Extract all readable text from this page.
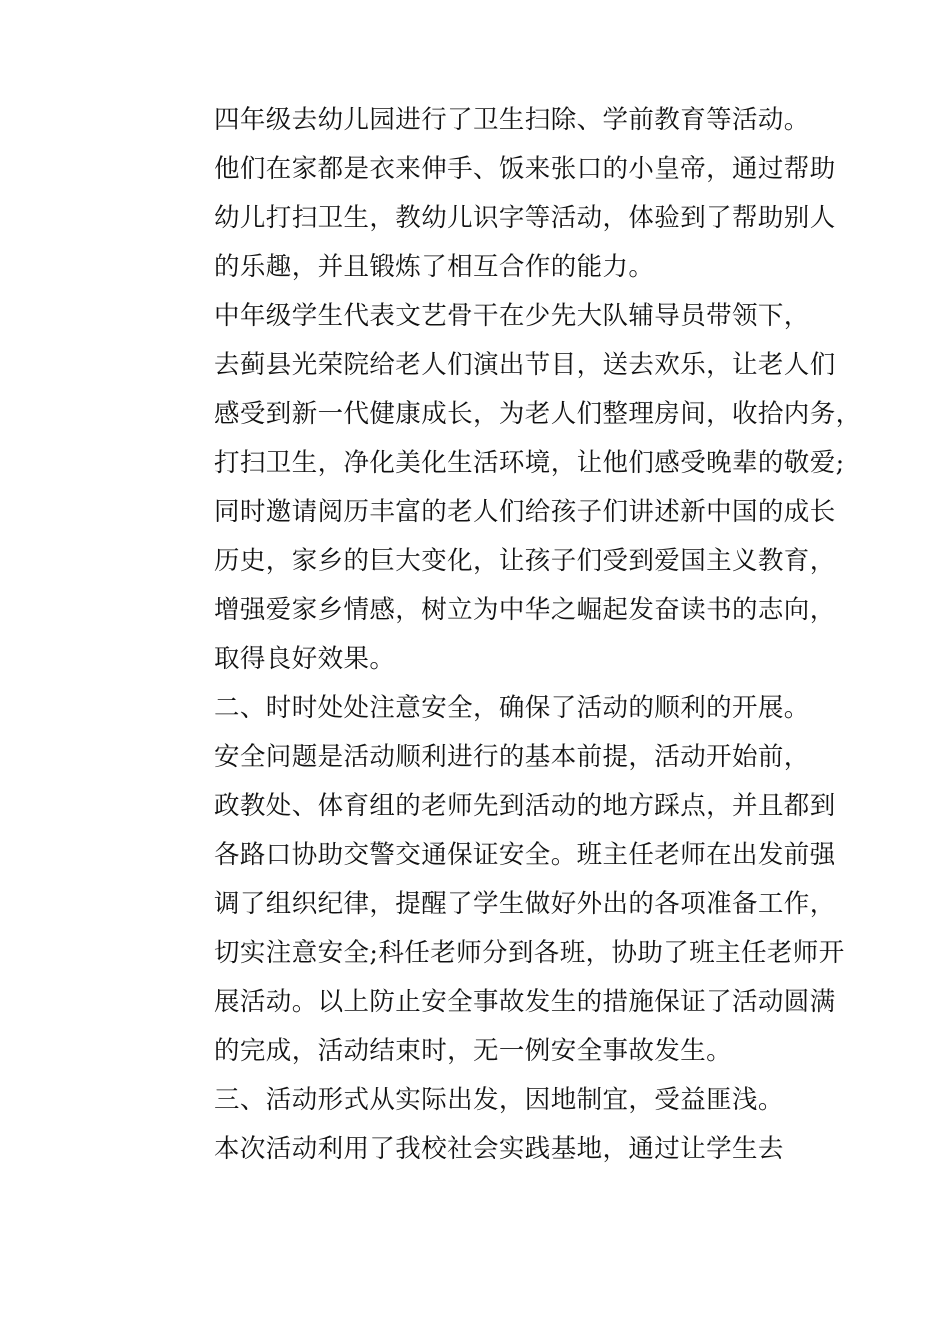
四年级去幼儿园进行了卫生扫除、学前教育等活动。
他们在家都是衣来伸手、饭来张口的小皇帝，通过帮助
幼儿打扫卫生，教幼儿识字等活动，体验到了帮助别人
的乐趣，并且锻炼了相互合作的能力。

中年级学生代表文艺骨干在少先大队辅导员带领下，
去蓟县光荣院给老人们演出节目，送去欢乐，让老人们
感受到新一代健康成长，为老人们整理房间，收拾内务，
打扫卫生，净化美化生活环境，让他们感受晚辈的敬爱;
同时邀请阅历丰富的老人们给孩子们讲述新中国的成长
历史，家乡的巨大变化，让孩子们受到爱国主义教育，
增强爱家乡情感，树立为中华之崛起发奋读书的志向，
取得良好效果。

二、时时处处注意安全，确保了活动的顺利的开展。

安全问题是活动顺利进行的基本前提，活动开始前，
政教处、体育组的老师先到活动的地方踩点，并且都到
各路口协助交警交通保证安全。班主任老师在出发前强
调了组织纪律，提醒了学生做好外出的各项准备工作，
切实注意安全;科任老师分到各班，协助了班主任老师开
展活动。以上防止安全事故发生的措施保证了活动圆满
的完成，活动结束时，无一例安全事故发生。

三、活动形式从实际出发，因地制宜，受益匪浅。

本次活动利用了我校社会实践基地，通过让学生去
